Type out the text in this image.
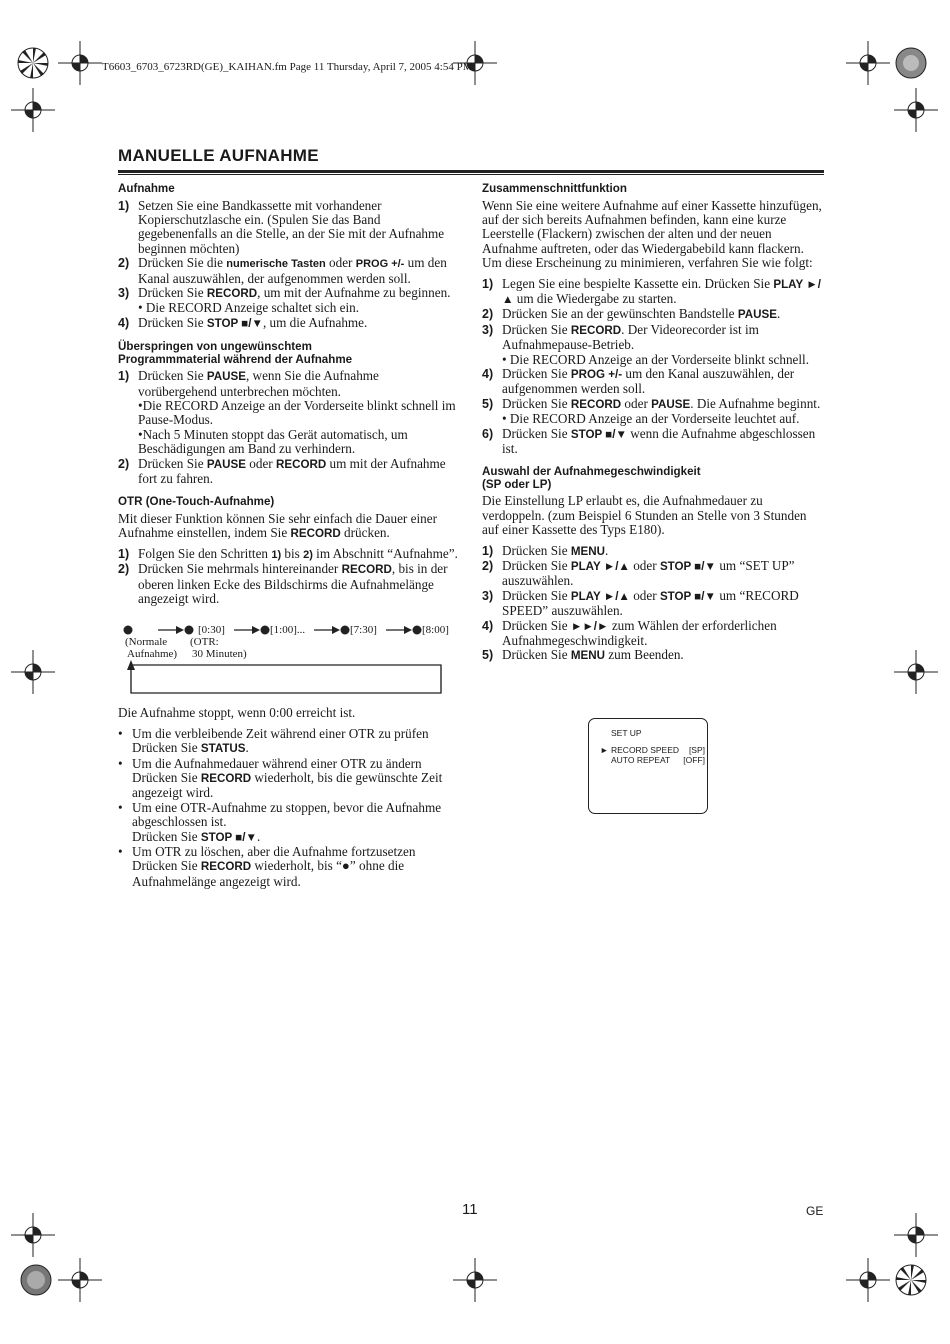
T6603_6703_6723RD(GE)_KAIHAN.fm Page 11 Thursday, April 7, 2005 4:54 PM
MANUELLE AUFNAHME
Aufnahme
1) Setzen Sie eine Bandkassette mit vorhandener Kopierschutzlasche ein. (Spulen Sie das Band gegebenenfalls an die Stelle, an der Sie mit der Aufnahme beginnen möchten)
2) Drücken Sie die numerische Tasten oder PROG +/- um den Kanal auszuwählen, der aufgenommen werden soll.
3) Drücken Sie RECORD, um mit der Aufnahme zu beginnen.

• Die RECORD Anzeige schaltet sich ein.

4) Drücken Sie STOP ■/▼, um die Aufnahme.
Überspringen von ungewünschtem
Programmmaterial während der Aufnahme
1) Drücken Sie PAUSE, wenn Sie die Aufnahme vorübergehend unterbrechen möchten.

•Die RECORD Anzeige an der Vorderseite blinkt schnell im Pause-Modus.

•Nach 5 Minuten stoppt das Gerät automatisch, um Beschädigungen am Band zu verhindern.

2) Drücken Sie PAUSE oder RECORD um mit der Aufnahme fort zu fahren.
OTR (One-Touch-Aufnahme)

Mit dieser Funktion können Sie sehr einfach die Dauer einer Aufnahme einstellen, indem Sie RECORD drücken.

1) Folgen Sie den Schritten 1) bis 2) im Abschnitt “Aufnahme”.
2) Drücken Sie mehrmals hintereinander RECORD, bis in der oberen linken Ecke des Bildschirms die Aufnahmelänge angezeigt wird.
[0:30]	[1:00]...	[7:30]	[8:00]
(Normale
Aufnahme)
(OTR:
30 Minuten)

Die Aufnahme stoppt, wenn 0:00 erreicht ist.

• Um die verbleibende Zeit während einer OTR zu prüfen Drücken Sie STATUS.
• Um die Aufnahmedauer während einer OTR zu ändern Drücken Sie RECORD wiederholt, bis die gewünschte Zeit angezeigt wird.
• Um eine OTR-Aufnahme zu stoppen, bevor die Aufnahme abgeschlossen ist.
Drücken Sie STOP ■/▼.
• Um OTR zu löschen, aber die Aufnahme fortzusetzen Drücken Sie RECORD wiederholt, bis “●” ohne die Aufnahmelänge angezeigt wird.
Zusammenschnittfunktion

Wenn Sie eine weitere Aufnahme auf einer Kassette hinzufügen, auf der sich bereits Aufnahmen befinden, kann eine kurze Leerstelle (Flackern) zwischen der alten und der neuen Aufnahme auftreten, oder das Wiedergabebild kann flackern. Um diese Erscheinung zu minimieren, verfahren Sie wie folgt:

1) Legen Sie eine bespielte Kassette ein. Drücken Sie PLAY ►/▲ um die Wiedergabe zu starten.
2) Drücken Sie an der gewünschten Bandstelle PAUSE.
3) Drücken Sie RECORD. Der Videorecorder ist im Aufnahmepause-Betrieb.

• Die RECORD Anzeige an der Vorderseite blinkt schnell.

4) Drücken Sie PROG +/- um den Kanal auszuwählen, der aufgenommen werden soll.
5) Drücken Sie RECORD oder PAUSE. Die Aufnahme beginnt.

• Die RECORD Anzeige an der Vorderseite leuchtet auf.

6) Drücken Sie STOP ■/▼ wenn die Aufnahme abgeschlossen ist.
Auswahl der Aufnahmegeschwindigkeit
(SP oder LP)

Die Einstellung LP erlaubt es, die Aufnahmedauer zu verdoppeln. (zum Beispiel 6 Stunden an Stelle von 3 Stunden auf einer Kassette des Typs E180).

1) Drücken Sie MENU.
2) Drücken Sie PLAY ►/▲ oder STOP ■/▼ um “SET UP” auszuwählen.
3) Drücken Sie PLAY ►/▲ oder STOP ■/▼ um “RECORD SPEED” auszuwählen.
4) Drücken Sie ►►/► zum Wählen der erforderlichen Aufnahmegeschwindigkeit.
5) Drücken Sie MENU zum Beenden.
SET UP
► RECORD SPEED [SP]
AUTO REPEAT [OFF]
11	GE
